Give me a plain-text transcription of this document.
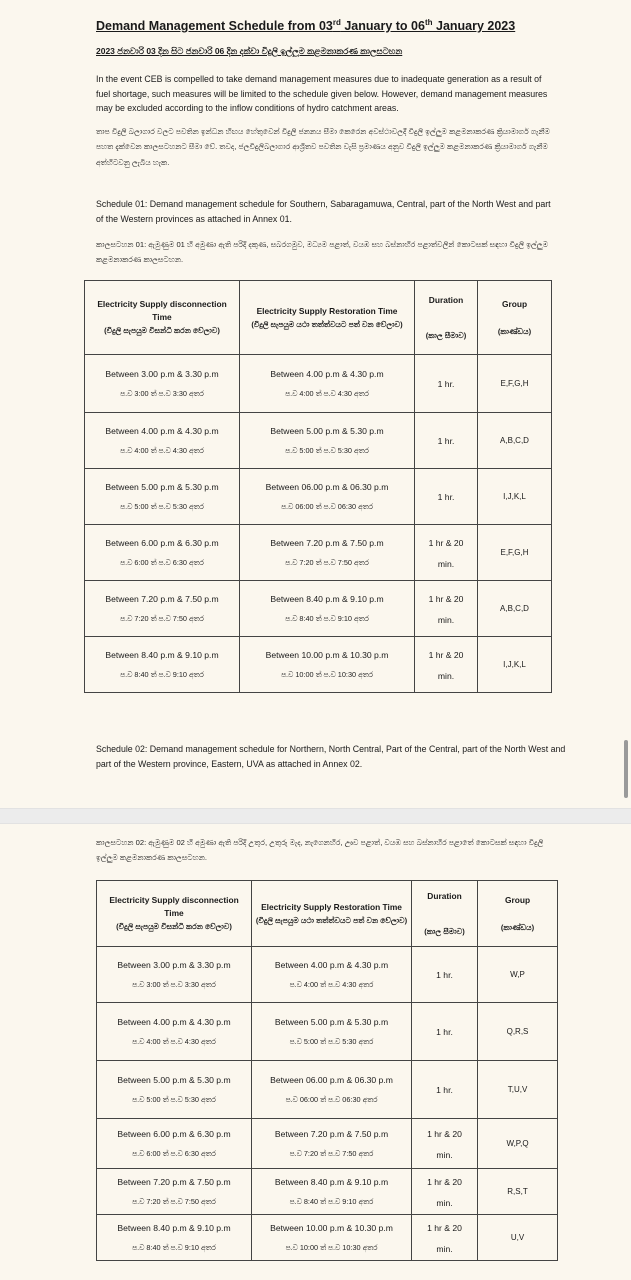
Demand Management Schedule from 03rd January to 06th January 2023
2023 ජනවාරි 03 දින සිට ජනවාරි 06 දින දක්වා විදුලි ඉල්ලුම කළමනාකරණ කාලසටහන
In the event CEB is compelled to take demand management measures due to inadequate generation as a result of fuel shortage, such measures will be limited to the schedule given below. However, demand management measures may be excluded according to the inflow conditions of hydro catchment areas.
තාප විදුලි බලාගාර වලට පවතින ඉන්ධන හිඟය හේතුවෙන් විදුලි ජනනය සීමා කෙරෙන අවස්ථාවලදී විදුලි ඉල්ලුම කළමනාකරණ ක්‍රියාමාර්ග ගැනීම පහත දැක්වෙන කාලසටහනට සීමා වේ. තවද, ජලවිදුලිබලාගාර ආශ්‍රිතව පවතින වැසි ප්‍රමාණය අනුව විදුලි ඉල්ලුම කළමනාකරණ ක්‍රියාමාර්ග ගැනීම අත්හිටවනු ලැබිය හැක.
Schedule 01: Demand management schedule for Southern, Sabaragamuwa, Central, part of the North West and part of the Western provinces as attached in Annex 01.
කාලසටහන 01: ඇමුණුම 01 හි අමුණා ඇති පරිදි දකුණ, සබරගමුව, මධ්‍යම පළාත්, වයඹ සහ බස්නාහිර පළාත්වලින් කොටසක් සඳහා විදුලි ඉල්ලුම කළමනාකරණ කාලසටහන.
Electricity Supply disconnection Time
(විදුලි සැපයුම විසන්ධි කරන වේලාව)	Electricity Supply Restoration Time
(විදුලි සැපයුම යථා තත්ත්වයට පත් වන වේලාව)	Duration
(කාල සීමාව)	Group
(කාණ්ඩය)

Between 3.00 p.m & 3.30 p.m
ප.ව 3:00 ත් ප.ව 3:30 අතර	Between 4.00 p.m & 4.30 p.m
ප.ව 4:00 ත් ප.ව 4:30 අතර	1 hr.	E,F,G,H

Between 4.00 p.m & 4.30 p.m
ප.ව 4:00 ත් ප.ව 4:30 අතර	Between 5.00 p.m & 5.30 p.m
ප.ව 5:00 ත් ප.ව 5:30 අතර	1 hr.	A,B,C,D

Between 5.00 p.m & 5.30 p.m
ප.ව 5:00 ත් ප.ව 5:30 අතර	Between 06.00 p.m & 06.30 p.m
ප.ව 06:00 ත් ප.ව 06:30 අතර	1 hr.	I,J,K,L

Between 6.00 p.m & 6.30 p.m
ප.ව 6:00 ත් ප.ව 6:30 අතර	Between 7.20 p.m & 7.50 p.m
ප.ව 7:20 ත් ප.ව 7:50 අතර	1 hr & 20
min.	E,F,G,H

Between 7.20 p.m & 7.50 p.m
ප.ව 7:20 ත් ප.ව 7:50 අතර	Between 8.40 p.m & 9.10 p.m
ප.ව 8:40 ත් ප.ව 9:10 අතර	1 hr & 20
min.	A,B,C,D

Between 8.40 p.m & 9.10 p.m
ප.ව 8:40 ත් ප.ව 9:10 අතර	Between 10.00 p.m & 10.30 p.m
ප.ව 10:00 ත් ප.ව 10:30 අතර	1 hr & 20
min.	I,J,K,L
Schedule 02: Demand management schedule for Northern, North Central, Part of the Central, part of the North West and part of the Western province, Eastern, UVA as attached in Annex 02.
කාලසටහන 02: ඇමුණුම 02 හි අමුණා ඇති පරිදි උතුර, උතුරු මැද, නැගෙනහිර, ඌව පළාත්, වයඹ සහ බස්නාහිර පළාතේ කොටසක් සඳහා විදුලි ඉල්ලුම කළමනාකරණ කාලසටහන.
Electricity Supply disconnection Time
(විදුලි සැපයුම විසන්ධි කරන වේලාව)	Electricity Supply Restoration Time
(විදුලි සැපයුම යථා තත්ත්වයට පත් වන වේලාව)	Duration
(කාල සීමාව)	Group
(කාණ්ඩය)

Between 3.00 p.m & 3.30 p.m
ප.ව 3:00 ත් ප.ව 3:30 අතර	Between 4.00 p.m & 4.30 p.m
ප.ව 4:00 ත් ප.ව 4:30 අතර	1 hr.	W,P

Between 4.00 p.m & 4.30 p.m
ප.ව 4:00 ත් ප.ව 4:30 අතර	Between 5.00 p.m & 5.30 p.m
ප.ව 5:00 ත් ප.ව 5:30 අතර	1 hr.	Q,R,S

Between 5.00 p.m & 5.30 p.m
ප.ව 5:00 ත් ප.ව 5:30 අතර	Between 06.00 p.m & 06.30 p.m
ප.ව 06:00 ත් ප.ව 06:30 අතර	1 hr.	T,U,V

Between 6.00 p.m & 6.30 p.m
ප.ව 6:00 ත් ප.ව 6:30 අතර	Between 7.20 p.m & 7.50 p.m
ප.ව 7:20 ත් ප.ව 7:50 අතර	1 hr & 20
min.	W,P,Q

Between 7.20 p.m & 7.50 p.m
ප.ව 7:20 ත් ප.ව 7:50 අතර	Between 8.40 p.m & 9.10 p.m
ප.ව 8:40 ත් ප.ව 9:10 අතර	1 hr & 20
min.	R,S,T

Between 8.40 p.m & 9.10 p.m
ප.ව 8:40 ත් ප.ව 9:10 අතර	Between 10.00 p.m & 10.30 p.m
ප.ව 10:00 ත් ප.ව 10:30 අතර	1 hr & 20
min.	U,V
